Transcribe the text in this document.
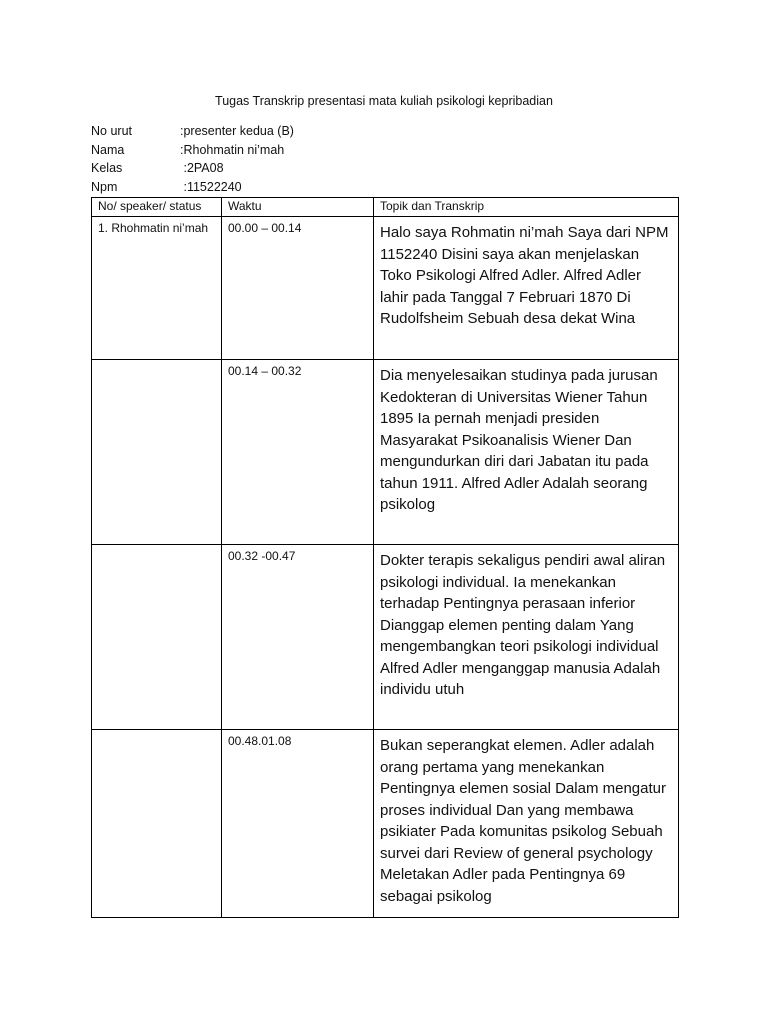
Tugas Transkrip presentasi mata kuliah psikologi kepribadian
No urut	:presenter kedua (B)
Nama	:Rhohmatin ni’mah
Kelas	:2PA08
Npm	:11522240
No/ speaker/ status	Waktu	Topik dan Transkrip
1. Rhohmatin ni’mah	00.00 – 00.14	Halo saya Rohmatin ni’mah Saya dari NPM 1152240 Disini saya akan menjelaskan Toko Psikologi Alfred Adler. Alfred Adler lahir pada Tanggal 7 Februari 1870 Di Rudolfsheim Sebuah desa dekat Wina
	00.14 – 00.32	Dia menyelesaikan studinya pada jurusan Kedokteran di Universitas Wiener Tahun 1895 Ia pernah menjadi presiden Masyarakat Psikoanalisis Wiener Dan mengundurkan diri dari Jabatan itu pada tahun 1911. Alfred Adler Adalah seorang psikolog
	00.32 -00.47	Dokter terapis sekaligus pendiri awal aliran psikologi individual. Ia menekankan terhadap Pentingnya perasaan inferior Dianggap elemen penting dalam Yang mengembangkan teori psikologi individual Alfred Adler menganggap manusia Adalah individu utuh
	00.48.01.08	Bukan seperangkat elemen. Adler adalah orang pertama yang menekankan Pentingnya elemen sosial Dalam mengatur proses individual Dan yang membawa psikiater Pada komunitas psikolog Sebuah survei dari Review of general psychology Meletakan Adler pada Pentingnya 69 sebagai psikolog
